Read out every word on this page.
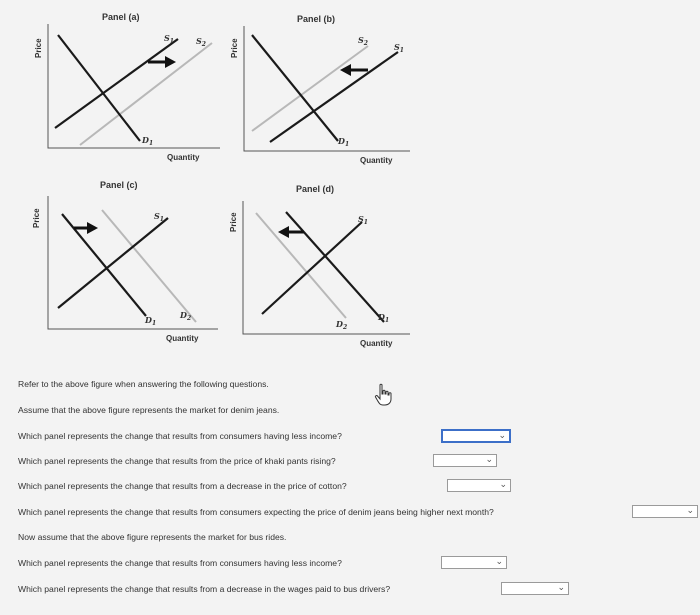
Panel (a)
Price
Quantity
$S_1$	$S_2$
$D_1$
Panel (b)
Price
Quantity
$S_1$
$S_2$
$D_1$
Panel (c)
Price
Quantity
$S_1$
$D_1$
$D_2$
Panel (d)
Price
Quantity
$S_1$
$D_1$
$D_2$
Refer to the above figure when answering the following questions.
Assume that the above figure represents the market for denim jeans.
Which panel represents the change that results from consumers having less income?	⌄
Which panel represents the change that results from the price of khaki pants rising?	⌄
Which panel represents the change that results from a decrease in the price of cotton?	⌄
Which panel represents the change that results from consumers expecting the price of denim jeans being higher next month?	⌄
Now assume that the above figure represents the market for bus rides.
Which panel represents the change that results from consumers having less income?	⌄
Which panel represents the change that results from a decrease in the wages paid to bus drivers?	⌄
